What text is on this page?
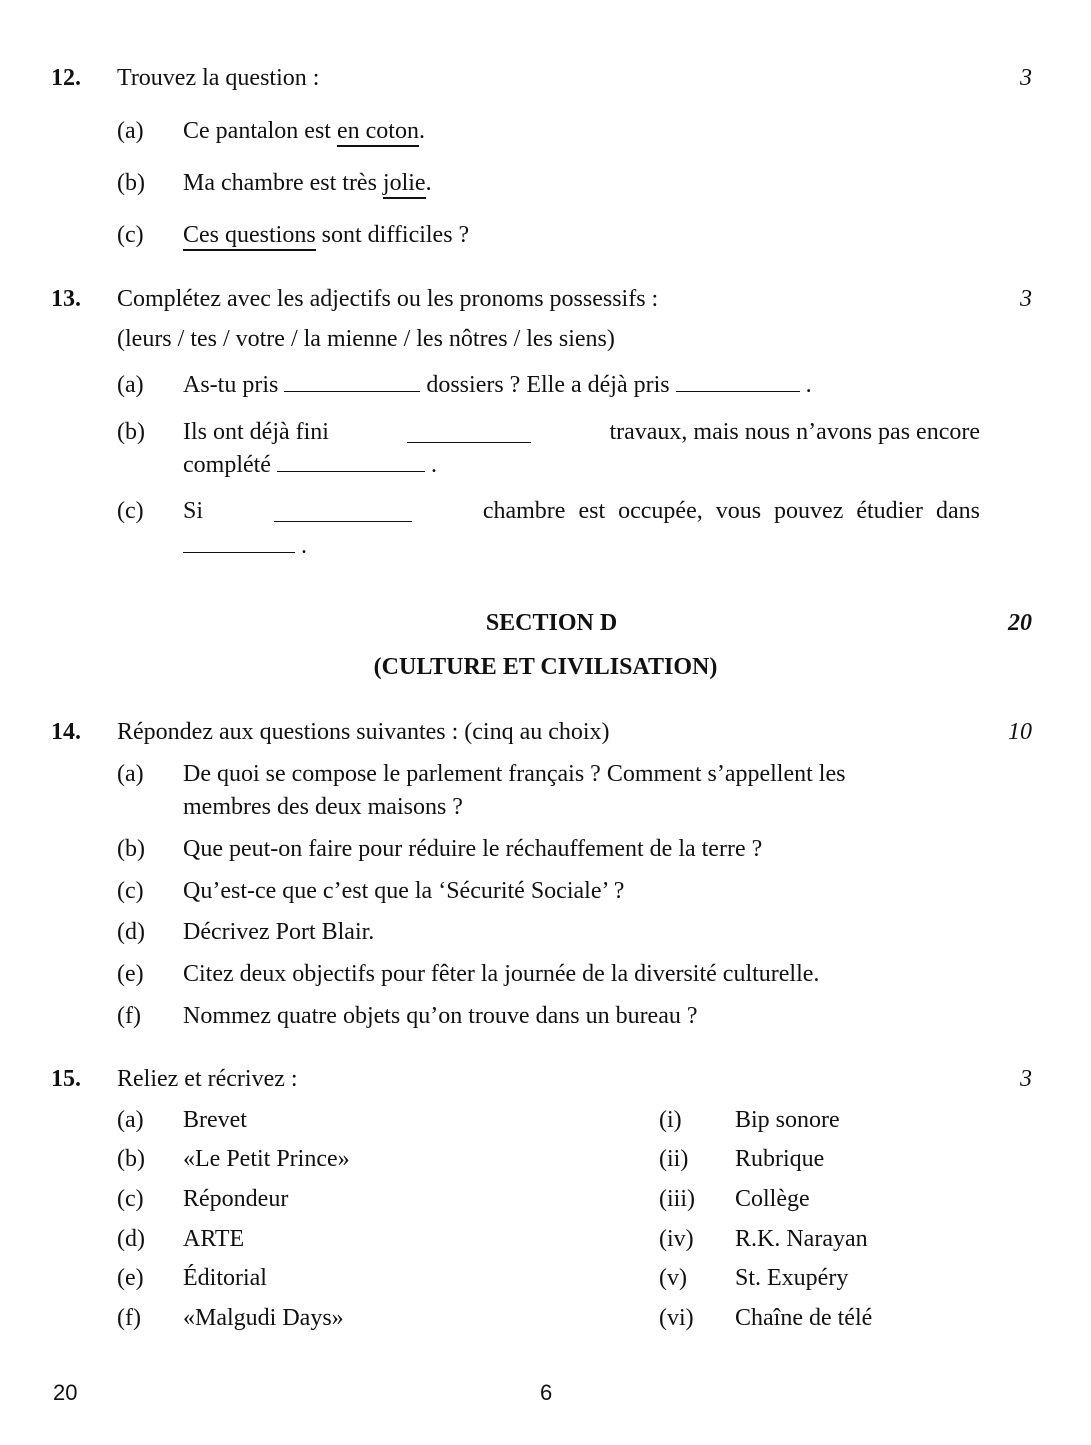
12. Trouvez la question :	3
(a) Ce pantalon est en coton.
(b) Ma chambre est très jolie.
(c) Ces questions sont difficiles ?
13. Complétez avec les adjectifs ou les pronoms possessifs :	3
(leurs / tes / votre / la mienne / les nôtres / les siens)
(a) As-tu pris	dossiers ? Elle a déjà pris	.
(b) Ils ont déjà fini	travaux, mais nous n’avons pas encore
complété	.
(c) Si	chambre est occupée, vous pouvez étudier dans
.
SECTION D	20
(CULTURE ET CIVILISATION)
14. Répondez aux questions suivantes : (cinq au choix)	10
(a) De quoi se compose le parlement français ? Comment s’appellent les
membres des deux maisons ?
(b) Que peut-on faire pour réduire le réchauffement de la terre ?
(c) Qu’est-ce que c’est que la ‘Sécurité Sociale’ ?
(d) Décrivez Port Blair.
(e) Citez deux objectifs pour fêter la journée de la diversité culturelle.
(f) Nommez quatre objets qu’on trouve dans un bureau ?
15. Reliez et récrivez :	3
(a) Brevet	(i) Bip sonore
(b) «Le Petit Prince»	(ii) Rubrique
(c) Répondeur	(iii) Collège
(d) ARTE	(iv) R.K. Narayan
(e) Éditorial	(v) St. Exupéry
(f) «Malgudi Days»	(vi) Chaîne de télé
20	6
